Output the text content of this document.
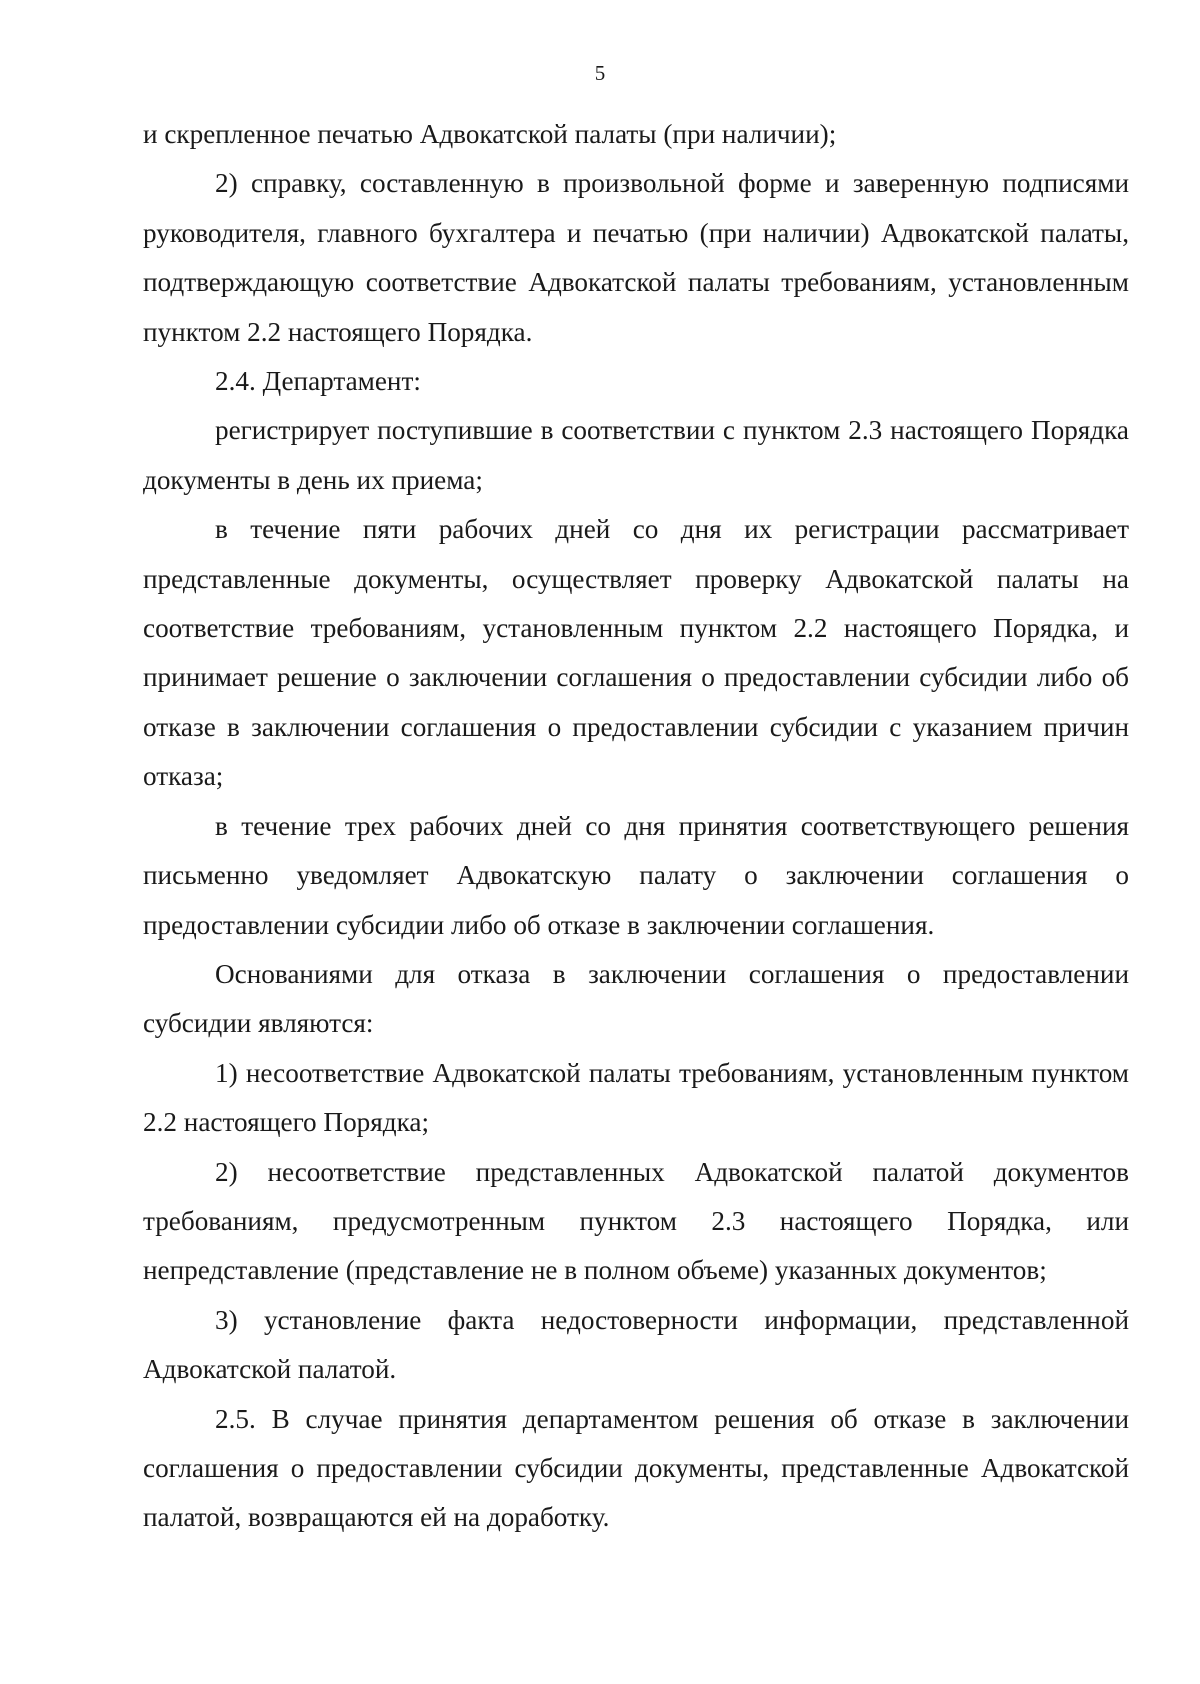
5

и скрепленное печатью Адвокатской палаты (при наличии);

2) справку, составленную в произвольной форме и заверенную подписями руководителя, главного бухгалтера и печатью (при наличии) Адвокатской палаты, подтверждающую соответствие Адвокатской палаты требованиям, установленным пунктом 2.2 настоящего Порядка.

2.4. Департамент:

регистрирует поступившие в соответствии с пунктом 2.3 настоящего Порядка документы в день их приема;

в течение пяти рабочих дней со дня их регистрации рассматривает представленные документы, осуществляет проверку Адвокатской палаты на соответствие требованиям, установленным пунктом 2.2 настоящего Порядка, и принимает решение о заключении соглашения о предоставлении субсидии либо об отказе в заключении соглашения о предоставлении субсидии с указанием причин отказа;

в течение трех рабочих дней со дня принятия соответствующего решения письменно уведомляет Адвокатскую палату о заключении соглашения о предоставлении субсидии либо об отказе в заключении соглашения.

Основаниями для отказа в заключении соглашения о предоставлении субсидии являются:

1) несоответствие Адвокатской палаты требованиям, установленным пунктом 2.2 настоящего Порядка;

2) несоответствие представленных Адвокатской палатой документов требованиям, предусмотренным пунктом 2.3 настоящего Порядка, или непредставление (представление не в полном объеме) указанных документов;

3) установление факта недостоверности информации, представленной Адвокатской палатой.

2.5. В случае принятия департаментом решения об отказе в заключении соглашения о предоставлении субсидии документы, представленные Адвокатской палатой, возвращаются ей на доработку.
